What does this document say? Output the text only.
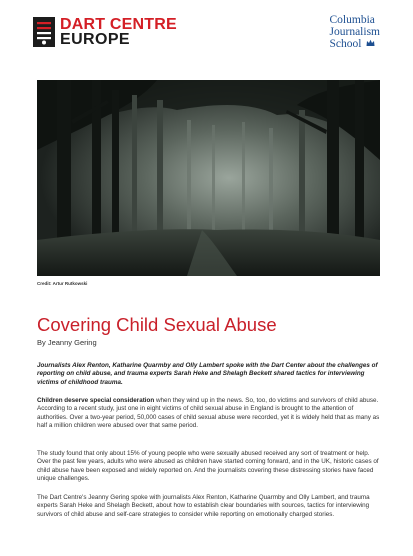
DART CENTRE
EUROPE
Columbia
Journalism
School
Credit: Artur Rutkowski
Covering Child Sexual Abuse
By Jeanny Gering

Journalists Alex Renton, Katharine Quarmby and Olly Lambert spoke with the Dart Center about the challenges of reporting on child abuse, and trauma experts Sarah Heke and Shelagh Beckett shared tactics for interviewing victims of childhood trauma.

Children deserve special consideration when they wind up in the news. So, too, do victims and survivors of child abuse. According to a recent study, just one in eight victims of child sexual abuse in England is brought to the attention of authorities. Over a two-year period, 50,000 cases of child sexual abuse were recorded, yet it is widely held that as many as half a million children were abused over that same period.

The study found that only about 15% of young people who were sexually abused received any sort of treatment or help. Over the past few years, adults who were abused as children have started coming forward, and in the UK, historic cases of child abuse have been exposed and widely reported on. And the journalists covering these distressing stories have faced unique challenges.

The Dart Centre's Jeanny Gering spoke with journalists Alex Renton, Katharine Quarmby and Olly Lambert, and trauma experts Sarah Heke and Shelagh Beckett, about how to establish clear boundaries with sources, tactics for interviewing survivors of child abuse and self-care strategies to consider while reporting on emotionally charged stories.
